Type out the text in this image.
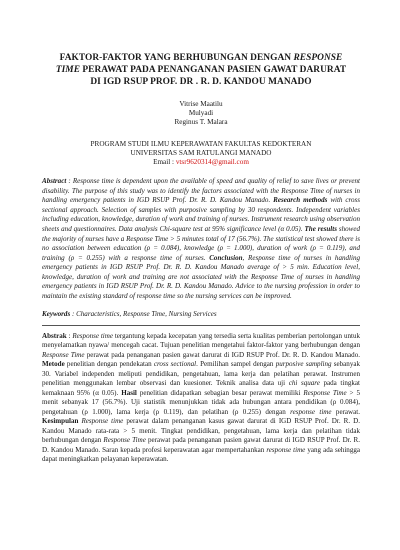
FAKTOR-FAKTOR YANG BERHUBUNGAN DENGAN RESPONSE
TIME PERAWAT PADA PENANGANAN PASIEN GAWAT DARURAT
DI IGD RSUP PROF. DR . R. D. KANDOU MANADO
Vitrise Maatilu
Mulyadi
Reginus T. Malara
PROGRAM STUDI ILMU KEPERAWATAN FAKULTAS KEDOKTERAN
UNIVERSITAS SAM RATULANGI MANADO
Email : vtsr9620314@gmail.com
Abstract : Response time is dependent upon the available of speed and quality of relief to save lives or prevent disability. The purpose of this study was to identify the factors associated with the Response Time of nurses in handling emergency patients in IGD RSUP Prof. Dr. R. D. Kandou Manado. Research methods with cross sectional approach. Selection of samples with purposive sampling by 30 respondents. Independent variables including education, knowledge, duration of work and training of nurses. Instrument research using observation sheets and questionnaires. Data analysis Chi-square test at 95% significance level (α 0.05). The results showed the majority of nurses have a Response Time > 5 minutes total of 17 (56.7%). The statistical test showed there is no association between education (ρ = 0.084), knowledge (ρ = 1.000), duration of work (ρ = 0.119), and training (ρ = 0.255) with a response time of nurses. Conclusion, Response time of nurses in handling emergency patients in IGD RSUP Prof. Dr. R. D. Kandou Manado average of > 5 min. Education level, knowledge, duration of work and training are not associated with the Response Time of nurses in handling emergency patients in IGD RSUP Prof. Dr. R. D. Kandou Manado. Advice to the nursing profession in order to maintain the existing standard of response time so the nursing services can be improved.
Keywords : Characteristics, Response Time, Nursing Services
Abstrak : Response time tergantung kepada kecepatan yang tersedia serta kualitas pemberian pertolongan untuk menyelamatkan nyawa/ mencegah cacat. Tujuan penelitian mengetahui faktor-faktor yang berhubungan dengan Response Time perawat pada penanganan pasien gawat darurat di IGD RSUP Prof. Dr. R. D. Kandou Manado. Metode penelitian dengan pendekatan cross sectional. Pemilihan sampel dengan purposive sampling sebanyak 30. Variabel independen meliputi pendidikan, pengetahuan, lama kerja dan pelatihan perawat. Instrumen penelitian menggunakan lembar observasi dan kuesioner. Teknik analisa data uji chi square pada tingkat kemaknaan 95% (α 0.05). Hasil penelitian didapatkan sebagian besar perawat memiliki Response Time > 5 menit sebanyak 17 (56.7%). Uji statistik menunjukkan tidak ada hubungan antara pendidikan (ρ 0.084), pengetahuan (ρ 1.000), lama kerja (ρ 0.119), dan pelatihan (ρ 0.255) dengan response time perawat. Kesimpulan Response time perawat dalam penanganan kasus gawat darurat di IGD RSUP Prof. Dr. R. D. Kandou Manado rata-rata > 5 menit. Tingkat pendidikan, pengetahuan, lama kerja dan pelatihan tidak berhubungan dengan Response Time perawat pada penanganan pasien gawat darurat di IGD RSUP Prof. Dr. R. D. Kandou Manado. Saran kepada profesi keperawatan agar mempertahankan response time yang ada sehingga dapat meningkatkan pelayanan keperawatan.
